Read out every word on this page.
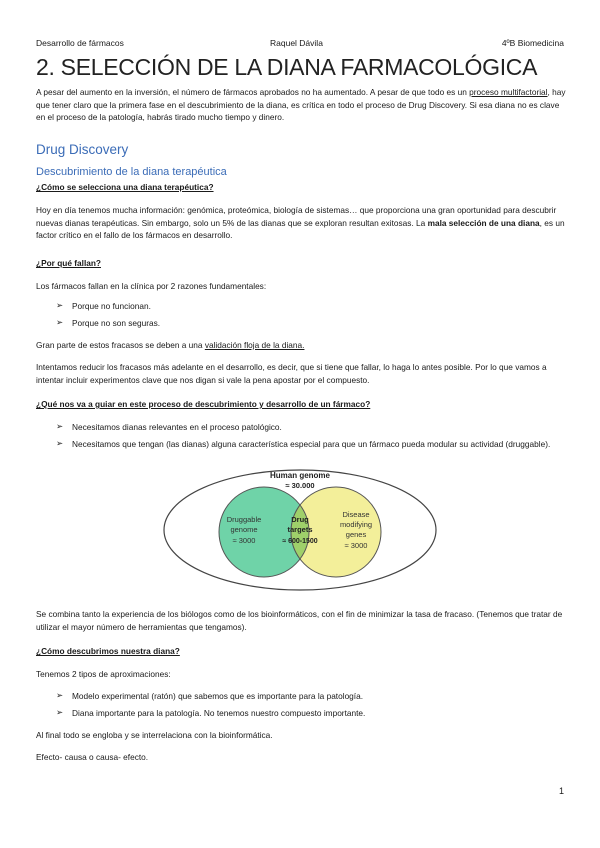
Desarrollo de fármacos	Raquel Dávila	4ºB Biomedicina
2. SELECCIÓN DE LA DIANA FARMACOLÓGICA

A pesar del aumento en la inversión, el número de fármacos aprobados no ha aumentado. A pesar de que todo es un proceso multifactorial, hay que tener claro que la primera fase en el descubrimiento de la diana, es crítica en todo el proceso de Drug Discovery. Si esa diana no es clave en el proceso de la patología, habrás tirado mucho tiempo y dinero.

Drug Discovery
Descubrimiento de la diana terapéutica

¿Cómo se selecciona una diana terapéutica?

Hoy en día tenemos mucha información: genómica, proteómica, biología de sistemas… que proporciona una gran oportunidad para descubrir nuevas dianas terapéuticas. Sin embargo, solo un 5% de las dianas que se exploran resultan exitosas. La mala selección de una diana, es un factor crítico en el fallo de los fármacos en desarrollo.

¿Por qué fallan?

Los fármacos fallan en la clínica por 2 razones fundamentales:

➢ Porque no funcionan.
➢ Porque no son seguras.

Gran parte de estos fracasos se deben a una validación floja de la diana.

Intentamos reducir los fracasos más adelante en el desarrollo, es decir, que si tiene que fallar, lo haga lo antes posible. Por lo que vamos a intentar incluir experimentos clave que nos digan si vale la pena apostar por el compuesto.

¿Qué nos va a guiar en este proceso de descubrimiento y desarrollo de un fármaco?

➢ Necesitamos dianas relevantes en el proceso patológico.
➢ Necesitamos que tengan (las dianas) alguna característica especial para que un fármaco pueda modular su actividad (druggable).
Human genome
≈ 30.000
Druggable
genome
≈ 3000
Drug
targets
≈ 600-1500
Disease
modifying
genes
≈ 3000

Se combina tanto la experiencia de los biólogos como de los bioinformáticos, con el fin de minimizar la tasa de fracaso. (Tenemos que tratar de utilizar el mayor número de herramientas que tengamos).

¿Cómo descubrimos nuestra diana?

Tenemos 2 tipos de aproximaciones:

➢ Modelo experimental (ratón) que sabemos que es importante para la patología.
➢ Diana importante para la patología. No tenemos nuestro compuesto importante.

Al final todo se engloba y se interrelaciona con la bioinformática.

Efecto- causa o causa- efecto.

1
